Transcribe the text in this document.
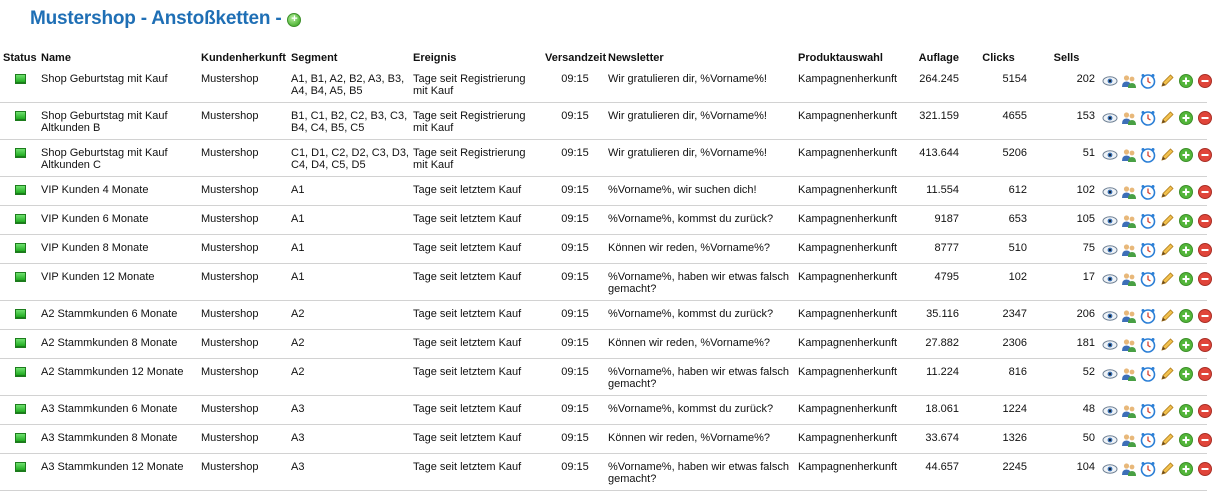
Mustershop - Anstoßketten - +
Status	Name	Kundenherkunft	Segment	Ereignis	Versandzeit	Newsletter	Produktauswahl	Auflage	Clicks	Sells	
	Shop Geburtstag mit Kauf	Mustershop	A1, B1, A2, B2, A3, B3, A4, B4, A5, B5	Tage seit Registrierung mit Kauf	09:15	Wir gratulieren dir, %Vorname%!	Kampagnenherkunft	264.245	5154	202	

	Shop Geburtstag mit Kauf Altkunden B	Mustershop	B1, C1, B2, C2, B3, C3, B4, C4, B5, C5	Tage seit Registrierung mit Kauf	09:15	Wir gratulieren dir, %Vorname%!	Kampagnenherkunft	321.159	4655	153	

	Shop Geburtstag mit Kauf Altkunden C	Mustershop	C1, D1, C2, D2, C3, D3, C4, D4, C5, D5	Tage seit Registrierung mit Kauf	09:15	Wir gratulieren dir, %Vorname%!	Kampagnenherkunft	413.644	5206	51	

	VIP Kunden 4 Monate	Mustershop	A1	Tage seit letztem Kauf	09:15	%Vorname%, wir suchen dich!	Kampagnenherkunft	11.554	612	102	

	VIP Kunden 6 Monate	Mustershop	A1	Tage seit letztem Kauf	09:15	%Vorname%, kommst du zurück?	Kampagnenherkunft	9187	653	105	

	VIP Kunden 8 Monate	Mustershop	A1	Tage seit letztem Kauf	09:15	Können wir reden, %Vorname%?	Kampagnenherkunft	8777	510	75	

	VIP Kunden 12 Monate	Mustershop	A1	Tage seit letztem Kauf	09:15	%Vorname%, haben wir etwas falsch gemacht?	Kampagnenherkunft	4795	102	17	

	A2 Stammkunden 6 Monate	Mustershop	A2	Tage seit letztem Kauf	09:15	%Vorname%, kommst du zurück?	Kampagnenherkunft	35.116	2347	206	

	A2 Stammkunden 8 Monate	Mustershop	A2	Tage seit letztem Kauf	09:15	Können wir reden, %Vorname%?	Kampagnenherkunft	27.882	2306	181	

	A2 Stammkunden 12 Monate	Mustershop	A2	Tage seit letztem Kauf	09:15	%Vorname%, haben wir etwas falsch gemacht?	Kampagnenherkunft	11.224	816	52	

	A3 Stammkunden 6 Monate	Mustershop	A3	Tage seit letztem Kauf	09:15	%Vorname%, kommst du zurück?	Kampagnenherkunft	18.061	1224	48	

	A3 Stammkunden 8 Monate	Mustershop	A3	Tage seit letztem Kauf	09:15	Können wir reden, %Vorname%?	Kampagnenherkunft	33.674	1326	50	

	A3 Stammkunden 12 Monate	Mustershop	A3	Tage seit letztem Kauf	09:15	%Vorname%, haben wir etwas falsch gemacht?	Kampagnenherkunft	44.657	2245	104	
